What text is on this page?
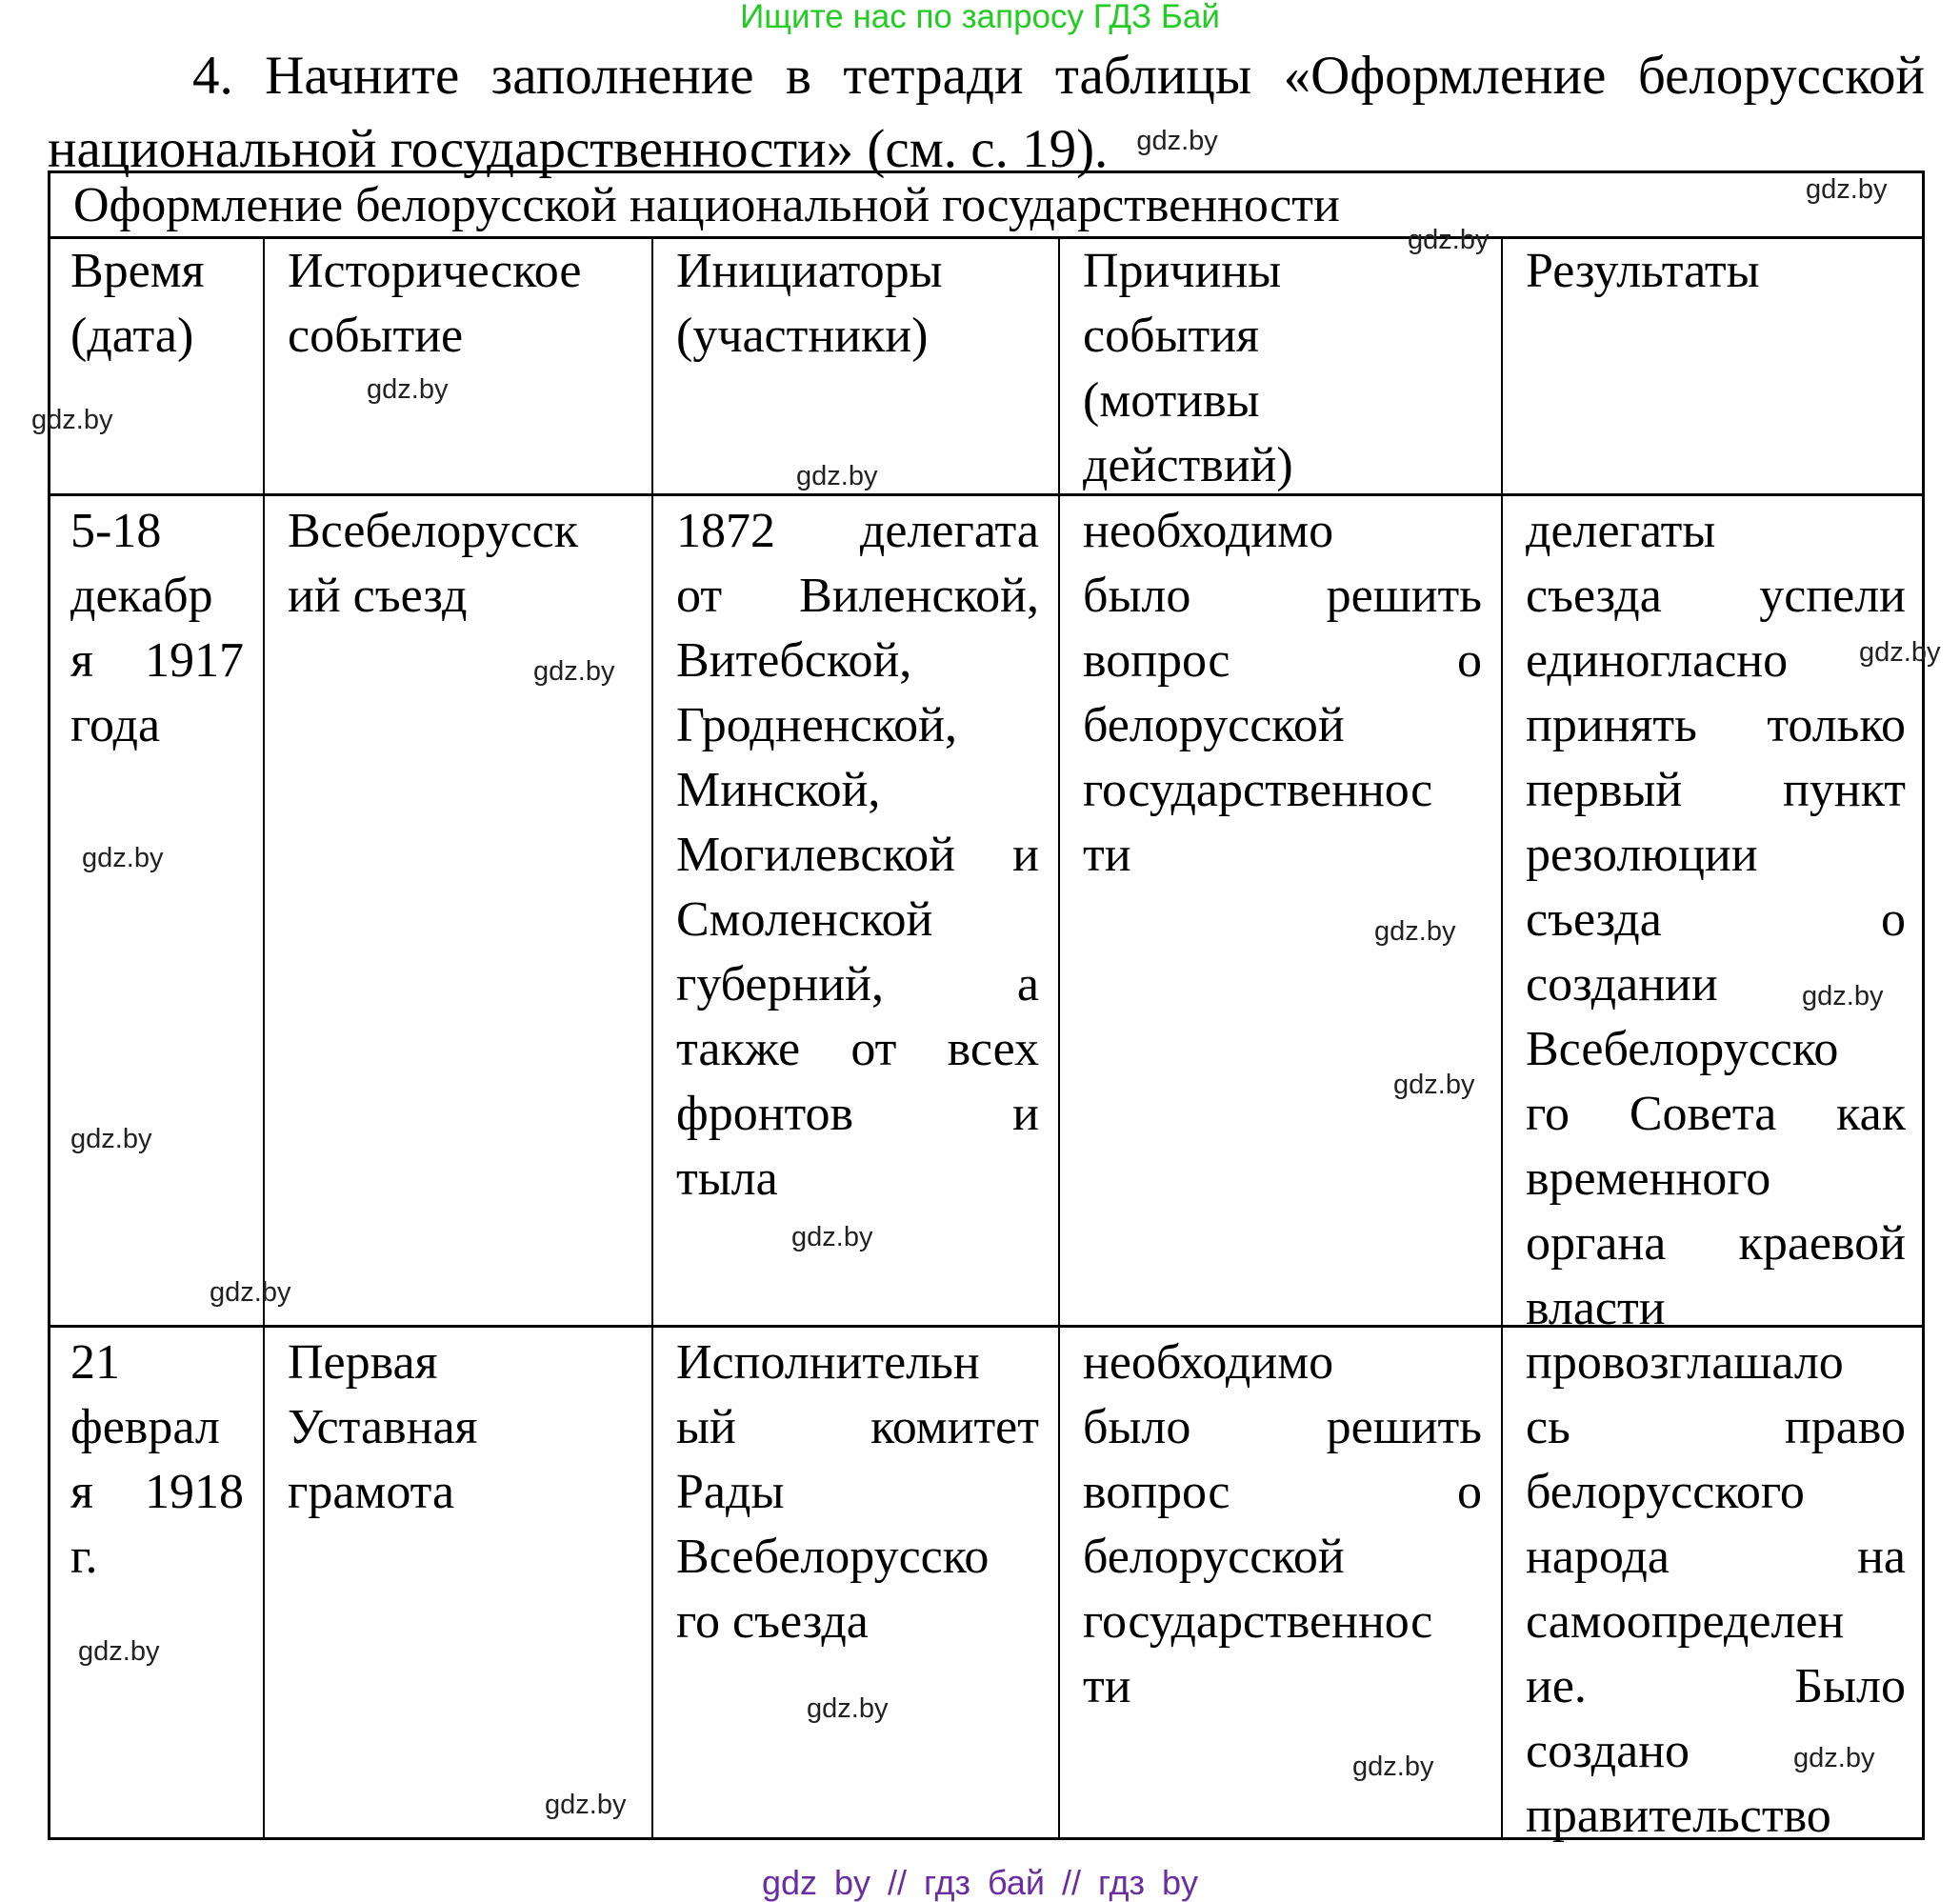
Ищите нас по запросу ГДЗ Бай
4. Начните заполнение в тетради таблицы «Оформление белорусской
национальной государственности» (см. с. 19). $^{gdz.by}$
Оформление белорусской национальной государственности
Время
(дата)
Историческое
событие
Инициаторы
(участники)
Причины
события
(мотивы
действий)
Результаты
5-18
декабр
я 1917
года
Всебелорусск
ий съезд
1872 делегата
от Виленской,
Витебской,
Гродненской,
Минской,
Могилевской и
Смоленской
губерний, а
также от всех
фронтов и
тыла
необходимо
было решить
вопрос о
белорусской
государственнос
ти
делегаты
съезда успели
единогласно
принять только
первый пункт
резолюции
съезда о
создании
Всебелорусско
го Совета как
временного
органа краевой
власти
21
феврал
я 1918
г.
Первая
Уставная
грамота
Исполнительн
ый комитет
Рады
Всебелорусско
го съезда
необходимо
было решить
вопрос о
белорусской
государственнос
ти
провозглашало
сь право
белорусского
народа на
самоопределен
ие. Было
создано
правительство
gdz.by
gdz.by
gdz.by
gdz.by
gdz.by
gdz.by
gdz.by
gdz.by
gdz.by
gdz.by
gdz.by
gdz.by
gdz.by
gdz.by
gdz.by
gdz.by
gdz.by
gdz.by
gdz.by
gdz by // гдз бай // гдз by
